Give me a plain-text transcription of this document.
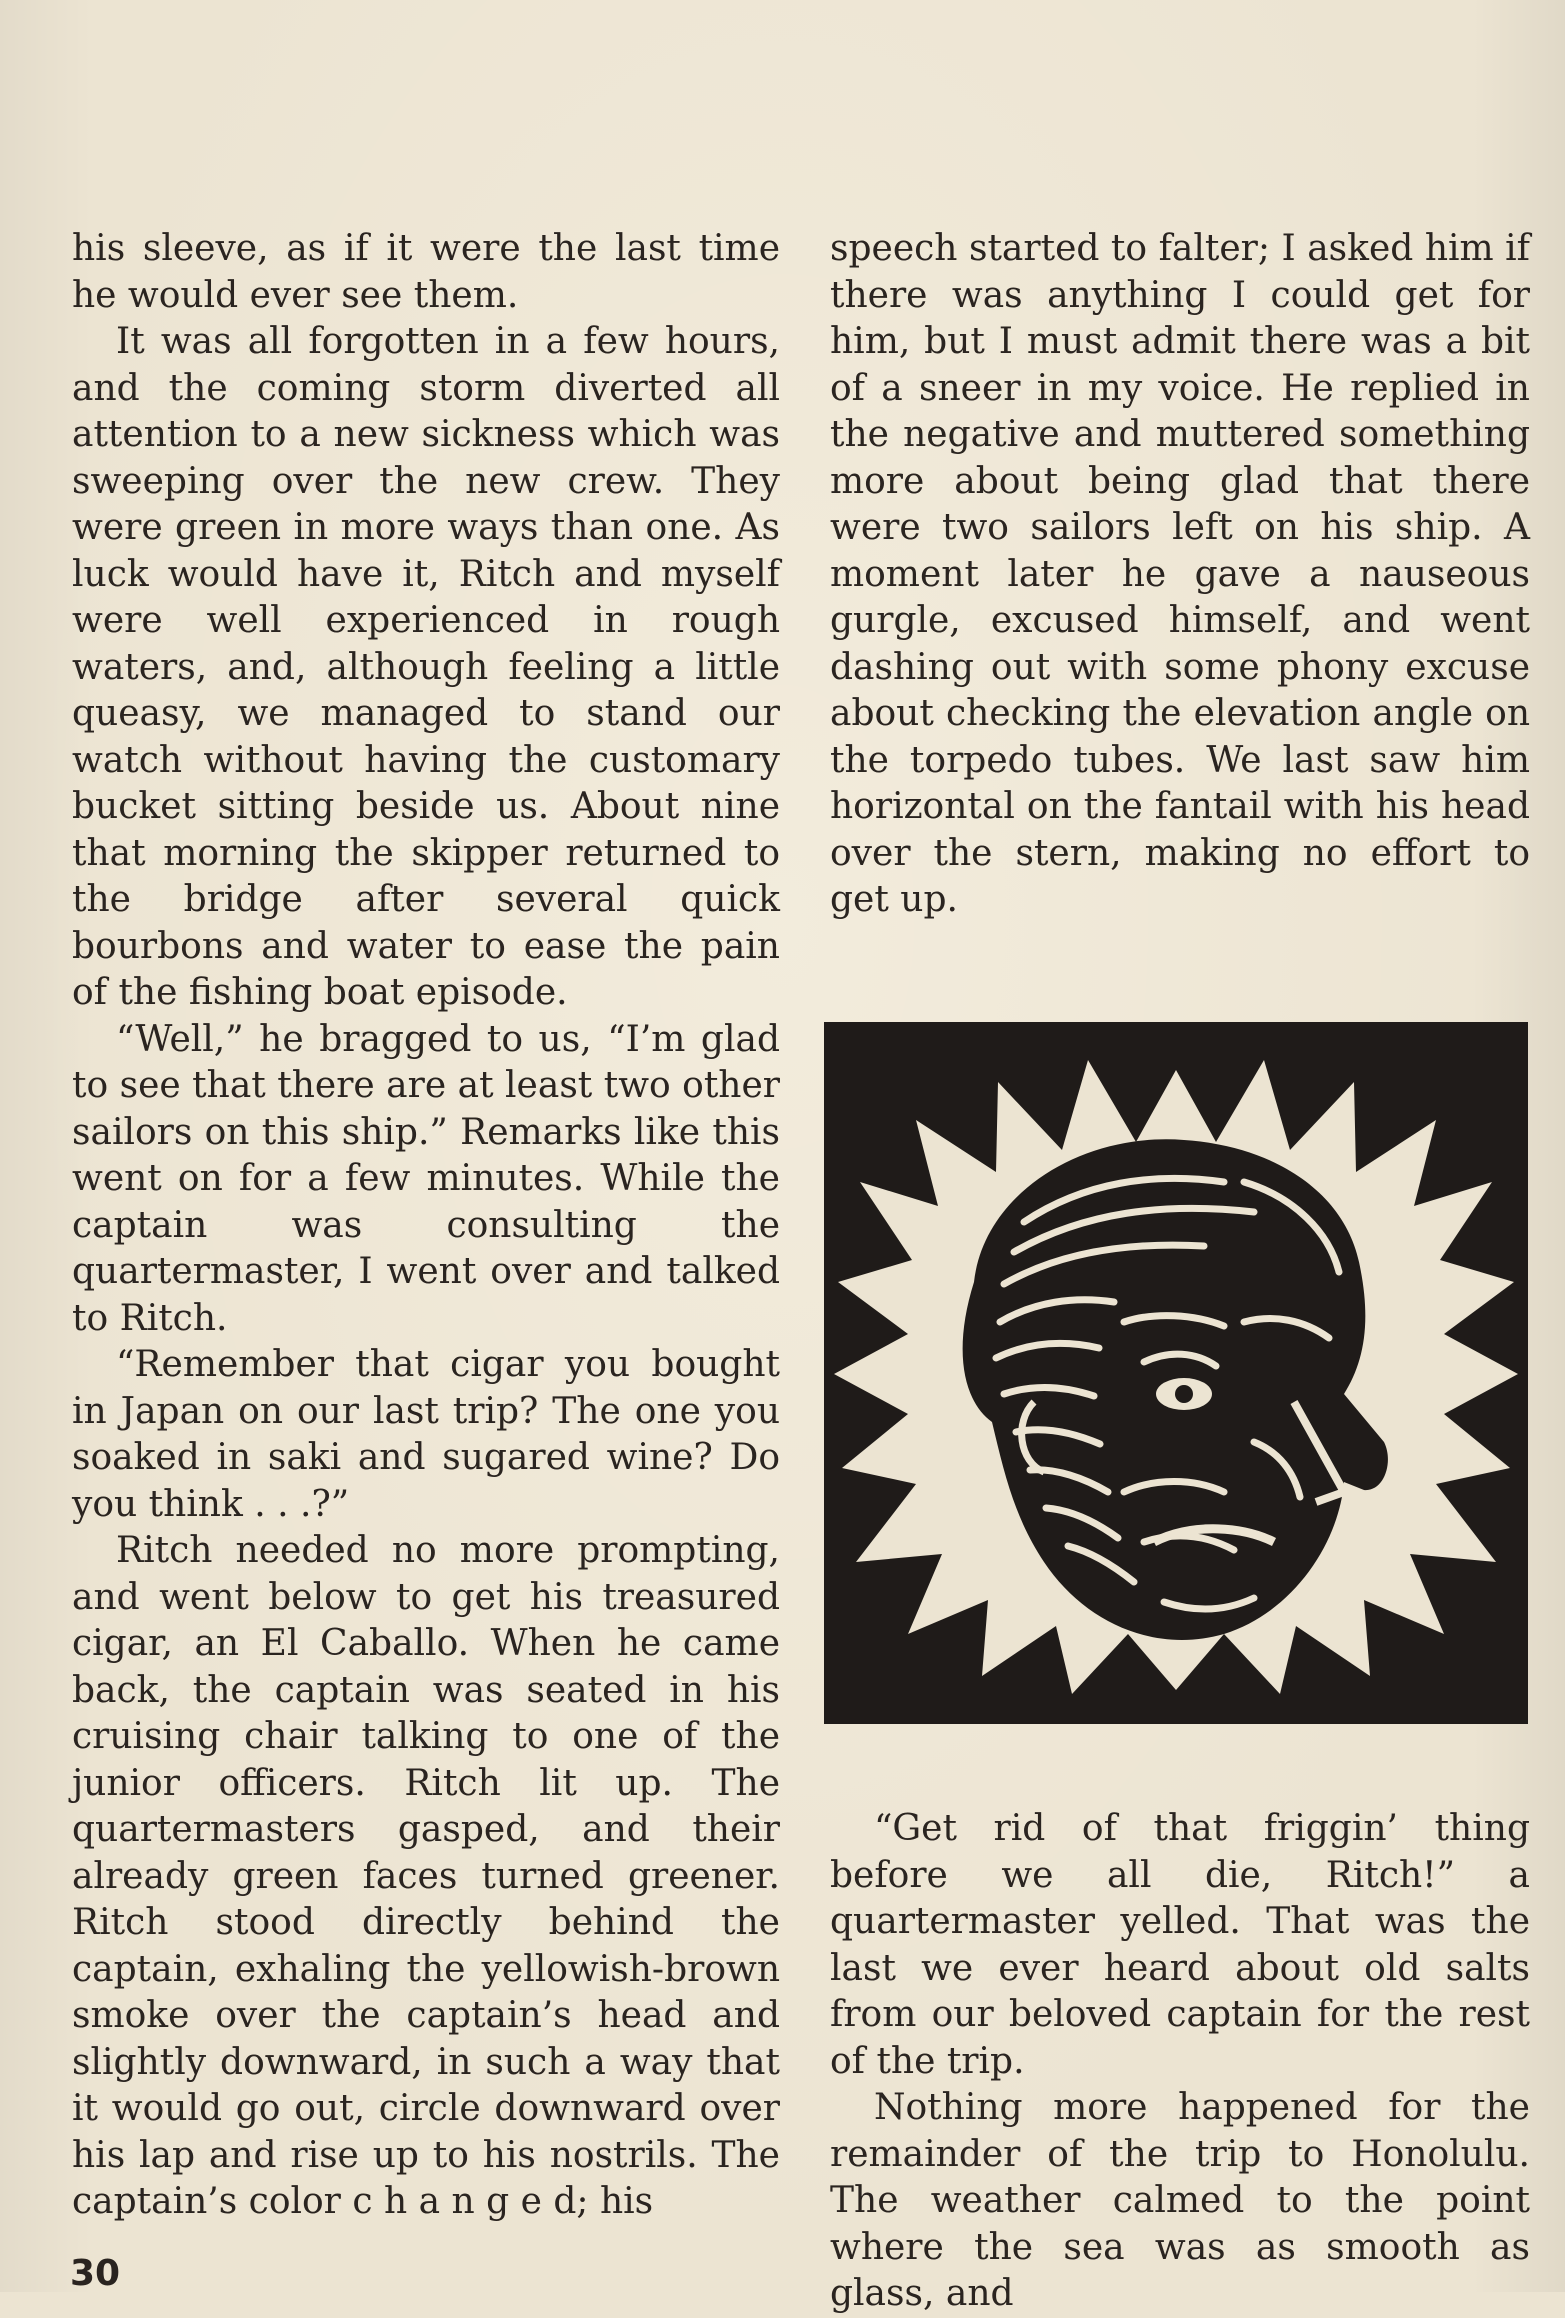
his sleeve, as if it were the last time he would ever see them.

It was all forgotten in a few hours, and the coming storm diverted all attention to a new sickness which was sweeping over the new crew. They were green in more ways than one. As luck would have it, Ritch and myself were well experienced in rough waters, and, although feeling a little queasy, we managed to stand our watch without having the customary bucket sitting beside us. About nine that morning the skipper returned to the bridge after several quick bourbons and water to ease the pain of the fishing boat episode.

“Well,” he bragged to us, “I’m glad to see that there are at least two other sailors on this ship.” Remarks like this went on for a few minutes. While the captain was consulting the quartermaster, I went over and talked to Ritch.

“Remember that cigar you bought in Japan on our last trip? The one you soaked in saki and sugared wine? Do you think . . .?”

Ritch needed no more prompting, and went below to get his treasured cigar, an El Caballo. When he came back, the captain was seated in his cruising chair talking to one of the junior officers. Ritch lit up. The quartermasters gasped, and their already green faces turned greener. Ritch stood directly behind the captain, exhaling the yellowish-brown smoke over the captain’s head and slightly downward, in such a way that it would go out, circle downward over his lap and rise up to his nostrils. The captain’s color c h a n g e d; his

speech started to falter; I asked him if there was anything I could get for him, but I must admit there was a bit of a sneer in my voice. He replied in the negative and muttered something more about being glad that there were two sailors left on his ship. A moment later he gave a nauseous gurgle, excused himself, and went dashing out with some phony excuse about checking the elevation angle on the torpedo tubes. We last saw him horizontal on the fantail with his head over the stern, making no effort to get up.

“Get rid of that friggin’ thing before we all die, Ritch!” a quartermaster yelled. That was the last we ever heard about old salts from our beloved captain for the rest of the trip.

Nothing more happened for the remainder of the trip to Honolulu. The weather calmed to the point where the sea was as smooth as glass, and

30
